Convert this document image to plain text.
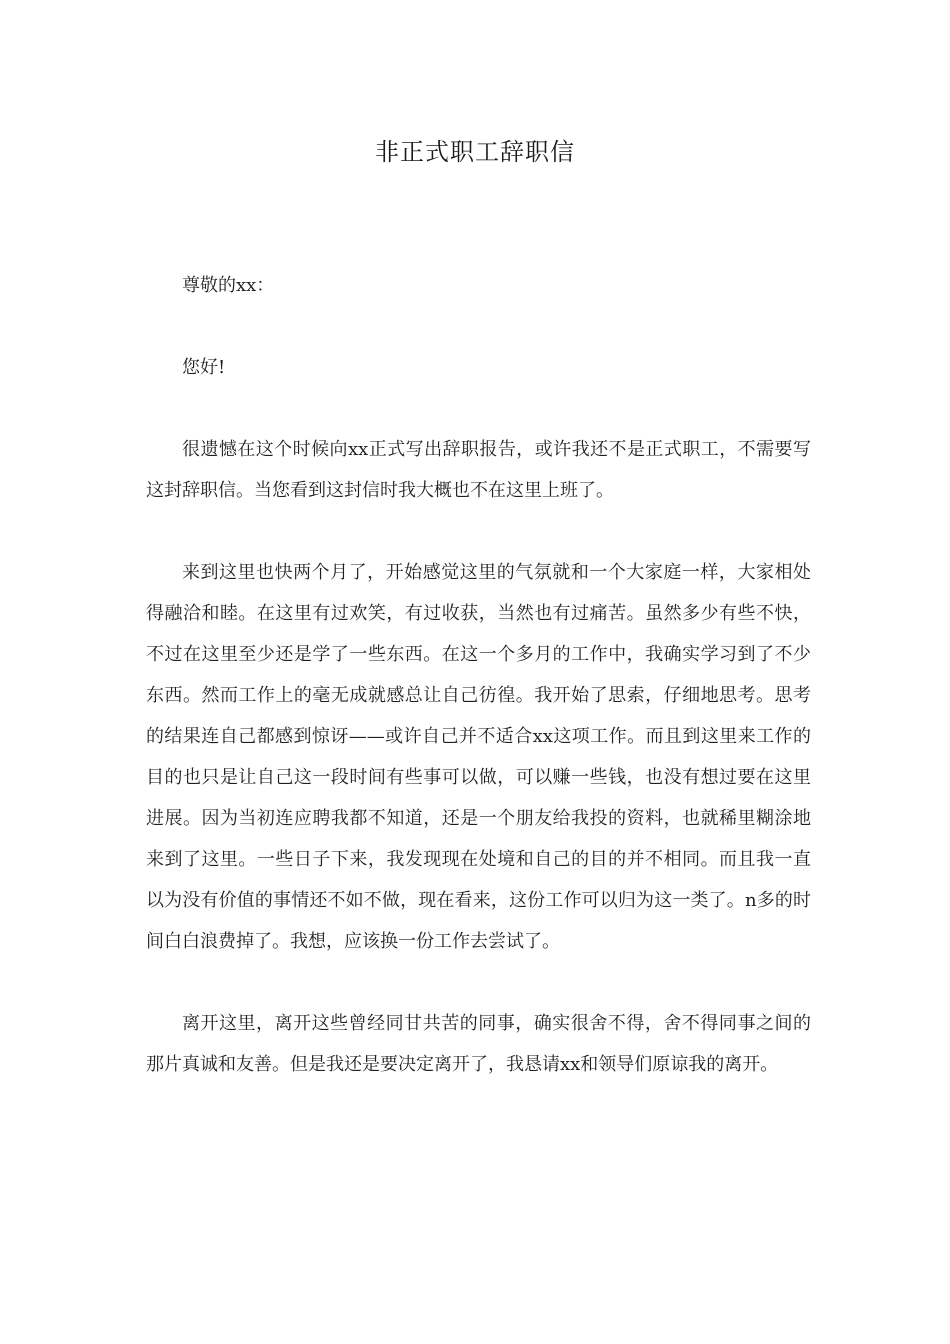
非正式职工辞职信

尊敬的xx：

您好!

很遗憾在这个时候向xx正式写出辞职报告，或许我还不是正式职工，不需要写这封辞职信。当您看到这封信时我大概也不在这里上班了。

来到这里也快两个月了，开始感觉这里的气氛就和一个大家庭一样，大家相处得融洽和睦。在这里有过欢笑，有过收获，当然也有过痛苦。虽然多少有些不快，不过在这里至少还是学了一些东西。在这一个多月的工作中，我确实学习到了不少东西。然而工作上的毫无成就感总让自己彷徨。我开始了思索，仔细地思考。思考的结果连自己都感到惊讶——或许自己并不适合xx这项工作。而且到这里来工作的目的也只是让自己这一段时间有些事可以做，可以赚一些钱，也没有想过要在这里进展。因为当初连应聘我都不知道，还是一个朋友给我投的资料，也就稀里糊涂地来到了这里。一些日子下来，我发现现在处境和自己的目的并不相同。而且我一直以为没有价值的事情还不如不做，现在看来，这份工作可以归为这一类了。n多的时间白白浪费掉了。我想，应该换一份工作去尝试了。

离开这里，离开这些曾经同甘共苦的同事，确实很舍不得，舍不得同事之间的那片真诚和友善。但是我还是要决定离开了，我恳请xx和领导们原谅我的离开。
